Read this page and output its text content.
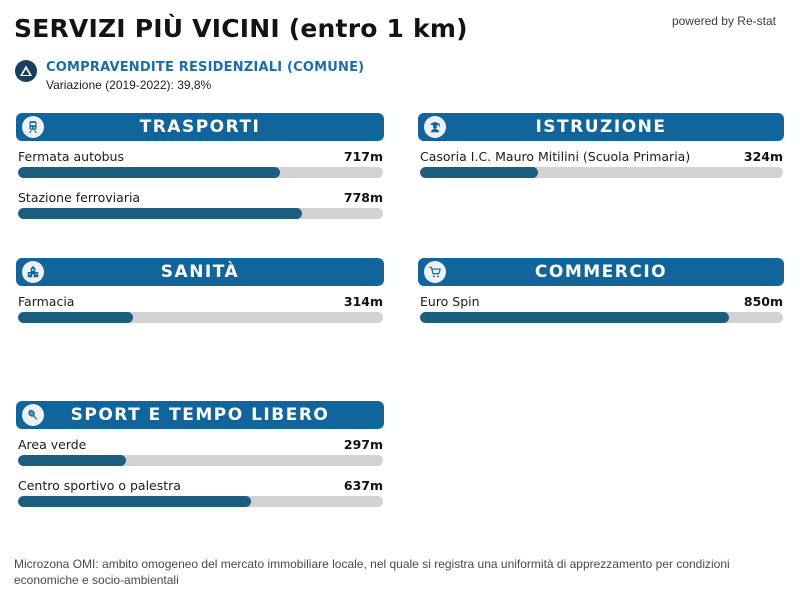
SERVIZI PIÙ VICINI (entro 1 km)	powered by Re-stat
COMPRAVENDITE RESIDENZIALI (COMUNE)
Variazione (2019-2022): 39,8%
TRASPORTI
Fermata autobus	717m
Stazione ferroviaria	778m
ISTRUZIONE
Casoria I.C. Mauro Mitilini (Scuola Primaria)	324m
SANITÀ
Farmacia	314m
COMMERCIO
Euro Spin	850m
SPORT E TEMPO LIBERO
Area verde	297m
Centro sportivo o palestra	637m
Microzona OMI: ambito omogeneo del mercato immobiliare locale, nel quale si registra una uniformità di apprezzamento per condizioni economiche e socio-ambientali
